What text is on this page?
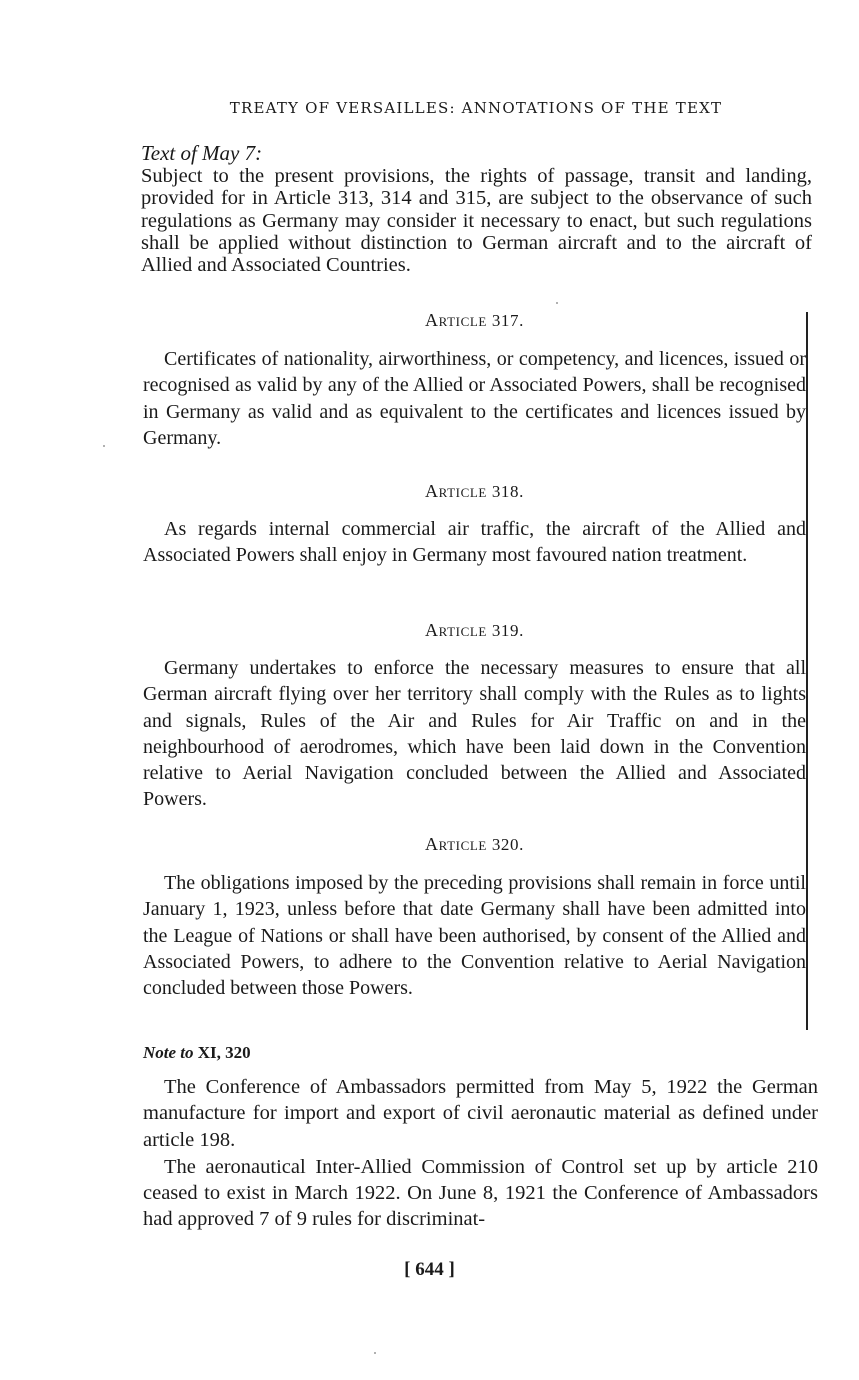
TREATY OF VERSAILLES: ANNOTATIONS OF THE TEXT
Text of May 7:
Subject to the present provisions, the rights of passage, transit and landing, provided for in Article 313, 314 and 315, are subject to the observance of such regulations as Germany may consider it necessary to enact, but such regulations shall be applied without distinction to German aircraft and to the aircraft of Allied and Associated Countries.
Article 317.

Certificates of nationality, airworthiness, or competency, and licences, issued or recognised as valid by any of the Allied or Associated Powers, shall be recognised in Germany as valid and as equivalent to the certificates and licences issued by Germany.

Article 318.

As regards internal commercial air traffic, the aircraft of the Allied and Associated Powers shall enjoy in Germany most favoured nation treatment.

Article 319.

Germany undertakes to enforce the necessary measures to ensure that all German aircraft flying over her territory shall comply with the Rules as to lights and signals, Rules of the Air and Rules for Air Traffic on and in the neighbourhood of aerodromes, which have been laid down in the Convention relative to Aerial Navigation concluded between the Allied and Associated Powers.

Article 320.

The obligations imposed by the preceding provisions shall remain in force until January 1, 1923, unless before that date Germany shall have been admitted into the League of Nations or shall have been authorised, by consent of the Allied and Associated Powers, to adhere to the Convention relative to Aerial Navigation concluded between those Powers.

Note to XI, 320

The Conference of Ambassadors permitted from May 5, 1922 the German manufacture for import and export of civil aeronautic material as defined under article 198.

The aeronautical Inter-Allied Commission of Control set up by article 210 ceased to exist in March 1922. On June 8, 1921 the Conference of Ambassadors had approved 7 of 9 rules for discriminat-

[ 644 ]
